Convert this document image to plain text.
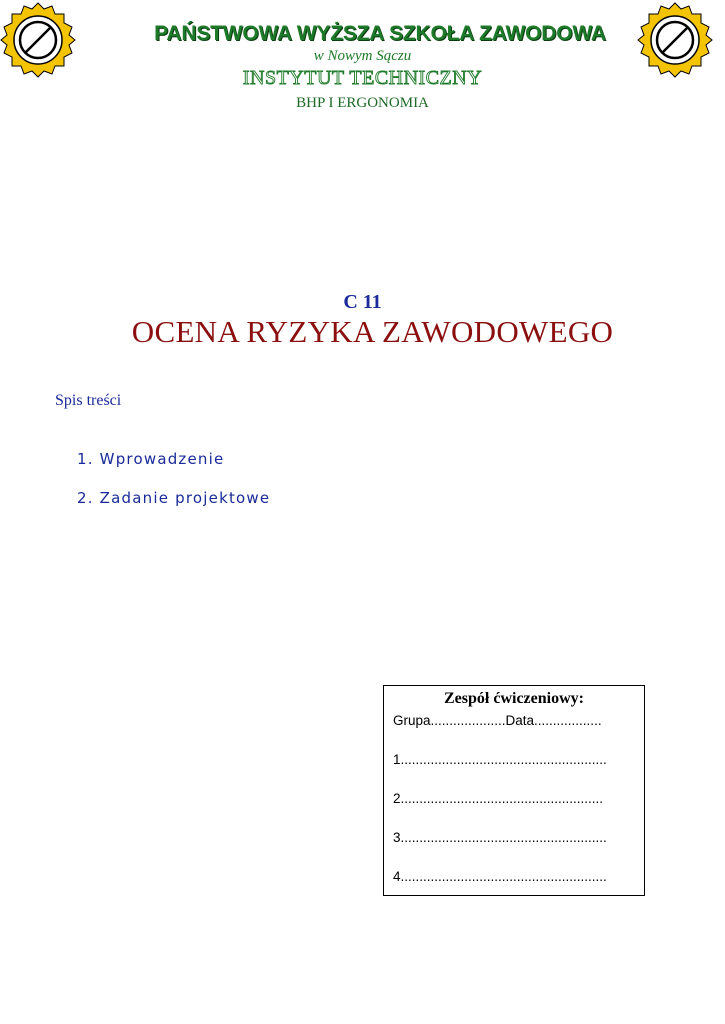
PAŃSTWOWA WYŻSZA SZKOŁA ZAWODOWA
w Nowym Sączu
INSTYTUT TECHNICZNY
BHP I ERGONOMIA
C 11
OCENA RYZYKA ZAWODOWEGO
Spis treści
1. Wprowadzenie
2. Zadanie projektowe
Zespół ćwiczeniowy:
Grupa....................Data..................
1.......................................................
2......................................................
3.......................................................
4.......................................................
